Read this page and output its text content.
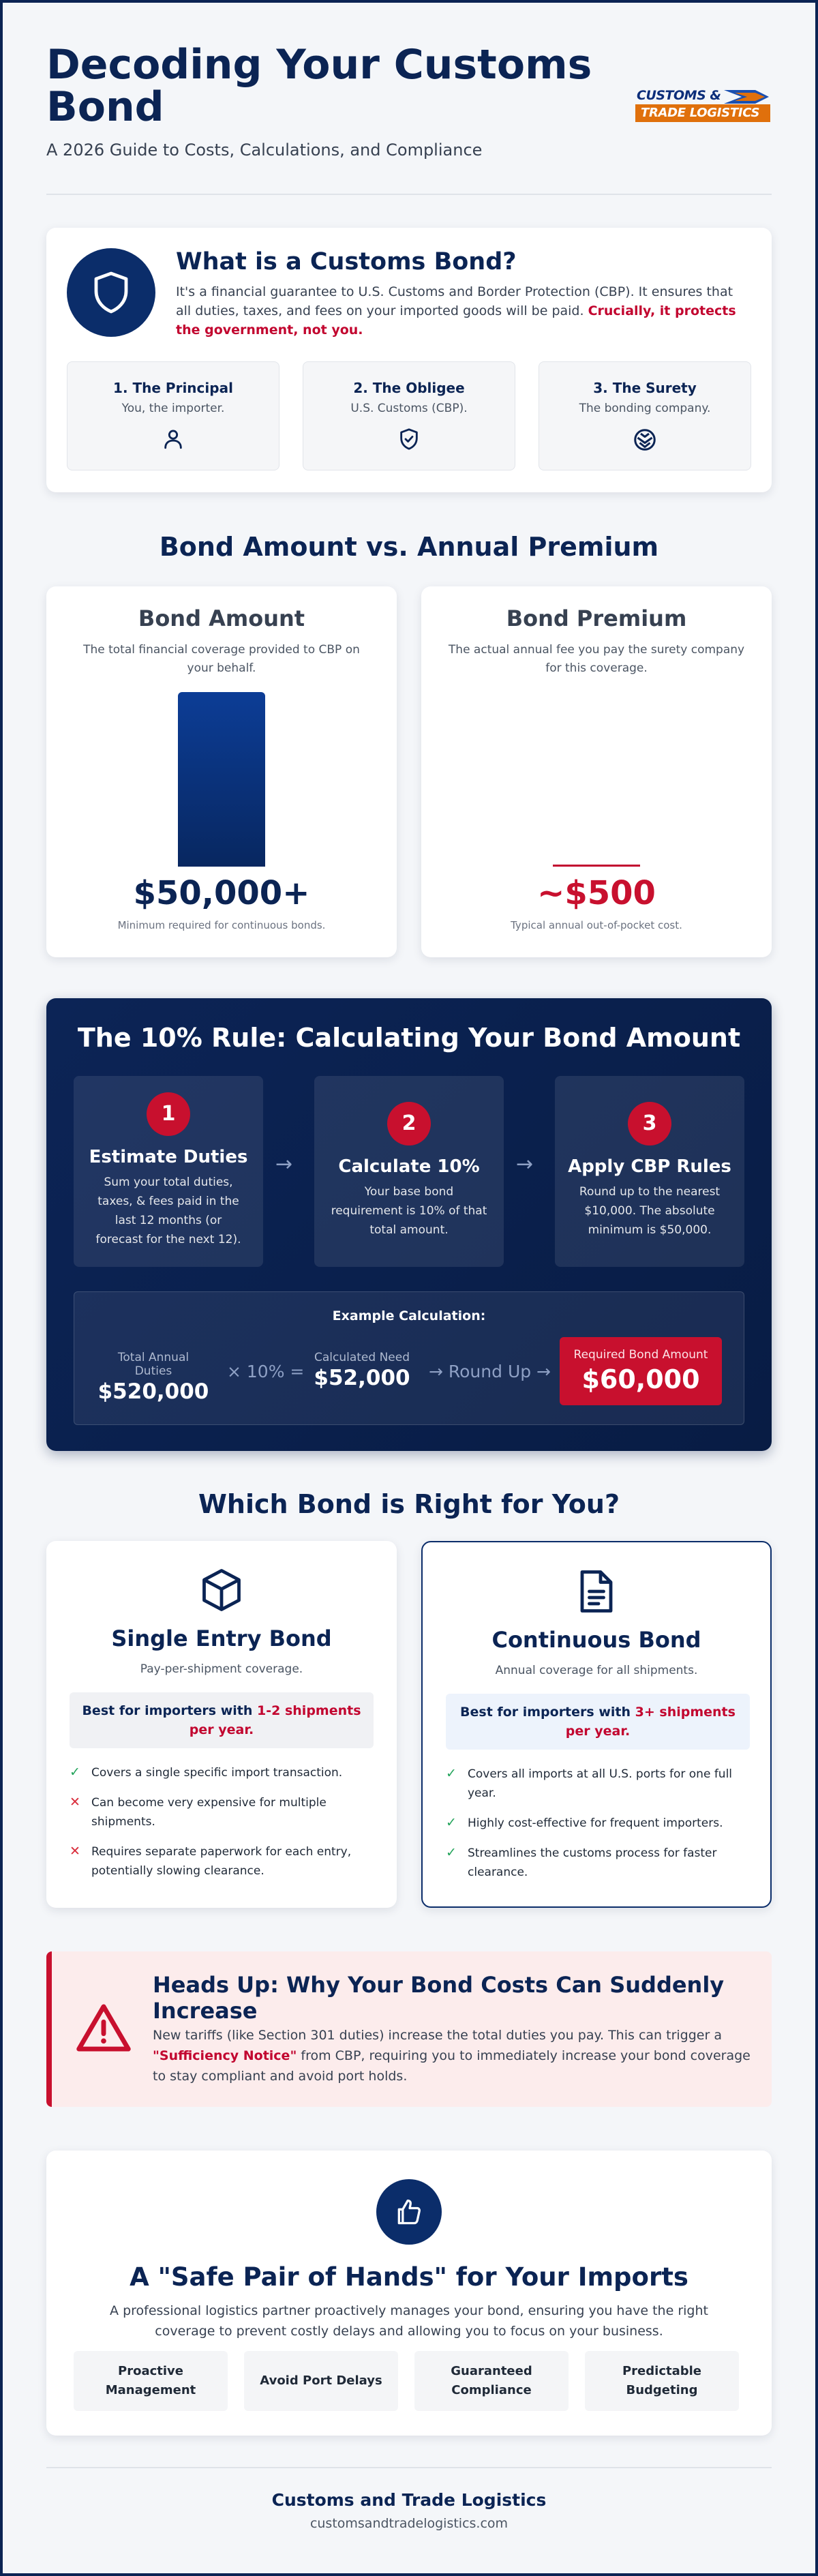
Decoding Your Customs Bond
A 2026 Guide to Costs, Calculations, and Compliance
CUSTOMS &
TRADE LOGISTICS
What is a Customs Bond?

It's a financial guarantee to U.S. Customs and Border Protection (CBP). It ensures that all duties, taxes, and fees on your imported goods will be paid. Crucially, it protects the government, not you.

1. The Principal
You, the importer.
2. The Obligee
U.S. Customs (CBP).
3. The Surety
The bonding company.
Bond Amount vs. Annual Premium
Bond Amount
The total financial coverage provided to CBP on your behalf.
$50,000+
Minimum required for continuous bonds.
Bond Premium
The actual annual fee you pay the surety company for this coverage.
~$500
Typical annual out-of-pocket cost.
The 10% Rule: Calculating Your Bond Amount
1
Estimate Duties
Sum your total duties, taxes, & fees paid in the last 12 months (or forecast for the next 12).
→
2
Calculate 10%
Your base bond requirement is 10% of that total amount.
→
3
Apply CBP Rules
Round up to the nearest $10,000. The absolute minimum is $50,000.
Example Calculation:
Total Annual Duties
$520,000
× 10% =
Calculated Need
$52,000 → Round Up →
Required Bond Amount
$60,000
Which Bond is Right for You?
Single Entry Bond
Pay-per-shipment coverage.
Best for importers with 1-2 shipments per year.
✓ Covers a single specific import transaction.
✕ Can become very expensive for multiple shipments.
✕ Requires separate paperwork for each entry, potentially slowing clearance.
Continuous Bond
Annual coverage for all shipments.
Best for importers with 3+ shipments per year.
✓ Covers all imports at all U.S. ports for one full year.
✓ Highly cost-effective for frequent importers.
✓ Streamlines the customs process for faster clearance.
Heads Up: Why Your Bond Costs Can Suddenly Increase

New tariffs (like Section 301 duties) increase the total duties you pay. This can trigger a "Sufficiency Notice" from CBP, requiring you to immediately increase your bond coverage to stay compliant and avoid port holds.

A "Safe Pair of Hands" for Your Imports

A professional logistics partner proactively manages your bond, ensuring you have the right coverage to prevent costly delays and allowing you to focus on your business.

Proactive Management
Avoid Port Delays
Guaranteed Compliance
Predictable Budgeting
Customs and Trade Logistics
customsandtradelogistics.com
